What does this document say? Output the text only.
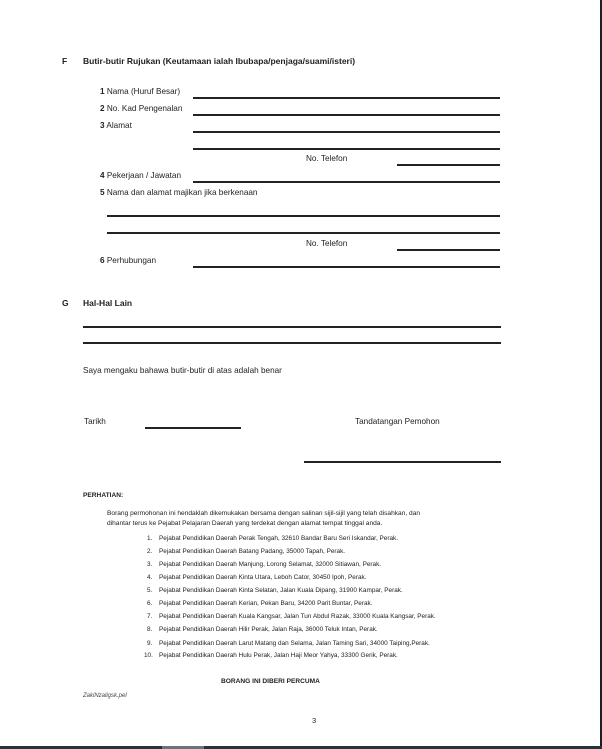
F Butir-butir Rujukan (Keutamaan ialah Ibubapa/penjaga/suami/isteri)
1 Nama (Huruf Besar)
2 No. Kad Pengenalan
3 Alamat
No. Telefon
4 Pekerjaan / Jawatan
5 Nama dan alamat majikan jika berkenaan
No. Telefon
6 Perhubungan
G Hal-Hal Lain
Saya mengaku bahawa butir-butir di atas adalah benar
Tarikh	Tandatangan Pemohon
PERHATIAN:
Borang permohonan ini hendaklah dikemukakan bersama dengan salinan sijil-sijil yang telah disahkan, dan
dihantar terus ke Pejabat Pelajaran Daerah yang terdekat dengan alamat tempat tinggal anda.
1. Pejabat Pendidikan Daerah Perak Tengah, 32610 Bandar Baru Seri Iskandar, Perak.
2. Pejabat Pendidikan Daerah Batang Padang, 35000 Tapah, Perak.
3. Pejabat Pendidikan Daerah Manjung, Lorong Selamat, 32000 Sitiawan, Perak.
4. Pejabat Pendidikan Daerah Kinta Utara, Leboh Cator, 30450 Ipoh, Perak.
5. Pejabat Pendidikan Daerah Kinta Selatan, Jalan Kuala Dipang, 31900 Kampar, Perak.
6. Pejabat Pendidikan Daerah Kerian, Pekan Baru, 34200 Parit Buntar, Perak.
7. Pejabat Pendidikan Daerah Kuala Kangsar, Jalan Tun Abdul Razak, 33000 Kuala Kangsar, Perak.
8. Pejabat Pendidikan Daerah Hilir Perak, Jalan Raja, 36000 Teluk Intan, Perak.
9. Pejabat Pendidikan Daerah Larut Matang dan Selama, Jalan Taming Sari, 34000 Taiping,Perak.
10. Pejabat Pendidikan Daerah Hulu Perak, Jalan Haji Meor Yahya, 33300 Gerik, Perak.
BORANG INI DIBERI PERCUMA
ZakiNzaligsk.pel
3
